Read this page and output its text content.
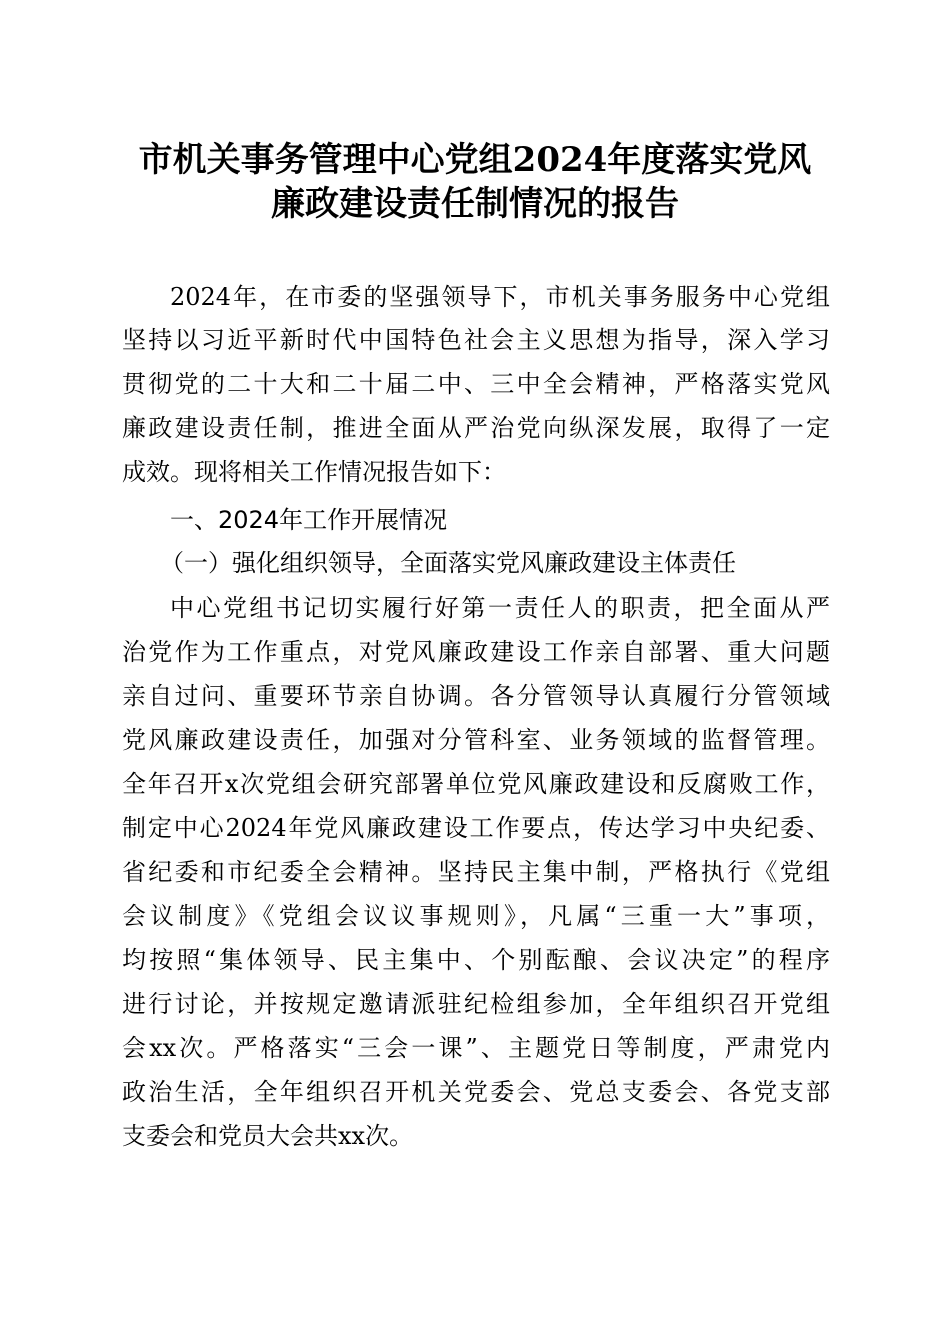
市机关事务管理中心党组2024年度落实党风
廉政建设责任制情况的报告
2024年，在市委的坚强领导下，市机关事务服务中心党组
坚持以习近平新时代中国特色社会主义思想为指导，深入学习
贯彻党的二十大和二十届二中、三中全会精神，严格落实党风
廉政建设责任制，推进全面从严治党向纵深发展，取得了一定
成效。现将相关工作情况报告如下：
一、2024年工作开展情况
（一）强化组织领导，全面落实党风廉政建设主体责任
中心党组书记切实履行好第一责任人的职责，把全面从严
治党作为工作重点，对党风廉政建设工作亲自部署、重大问题
亲自过问、重要环节亲自协调。各分管领导认真履行分管领域
党风廉政建设责任，加强对分管科室、业务领域的监督管理。
全年召开x次党组会研究部署单位党风廉政建设和反腐败工作，
制定中心2024年党风廉政建设工作要点，传达学习中央纪委、
省纪委和市纪委全会精神。坚持民主集中制，严格执行《党组
会议制度》《党组会议议事规则》，凡属“三重一大”事项，
均按照“集体领导、民主集中、个别酝酿、会议决定”的程序
进行讨论，并按规定邀请派驻纪检组参加，全年组织召开党组
会xx次。严格落实“三会一课”、主题党日等制度，严肃党内
政治生活，全年组织召开机关党委会、党总支委会、各党支部
支委会和党员大会共xx次。
